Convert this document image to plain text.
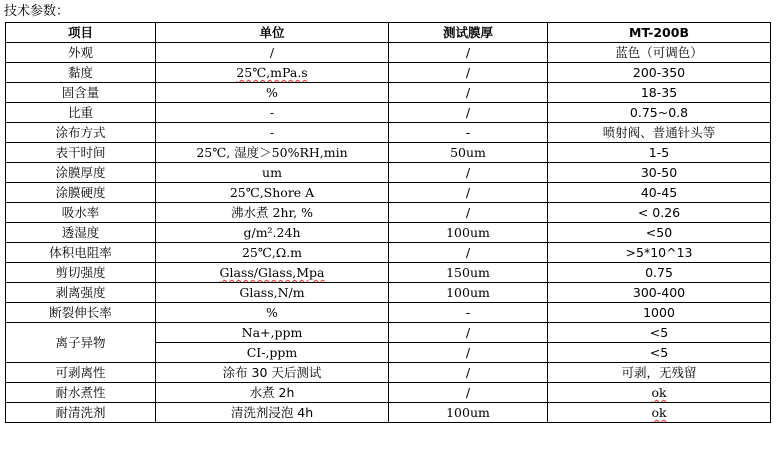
技术参数：
项目	单位	测试膜厚	MT-200B
外观	/	/	蓝色（可调色）
黏度	25℃,mPa.s	/	200-350
固含量	%	/	18-35
比重	-	/	0.75~0.8
涂布方式	-	-	喷射阀、普通针头等
表干时间	25℃, 湿度＞50%RH,min	50um	1-5
涂膜厚度	um	/	30-50
涂膜硬度	25℃,Shore A	/	40-45
吸水率	沸水煮 2hr, %	/	< 0.26
透湿度	g/m².24h	100um	<50
体积电阻率	25℃,Ω.m	/	>5*10^13
剪切强度	Glass/Glass,Mpa	150um	0.75
剥离强度	Glass,N/m	100um	300-400
断裂伸长率	%	-	1000
离子异物	Na+,ppm	/	<5
	CI-,ppm	/	<5
可剥离性	涂布 30 天后测试	/	可剥，无残留
耐水煮性	水煮 2h	/	ok
耐清洗剂	清洗剂浸泡 4h	100um	ok
